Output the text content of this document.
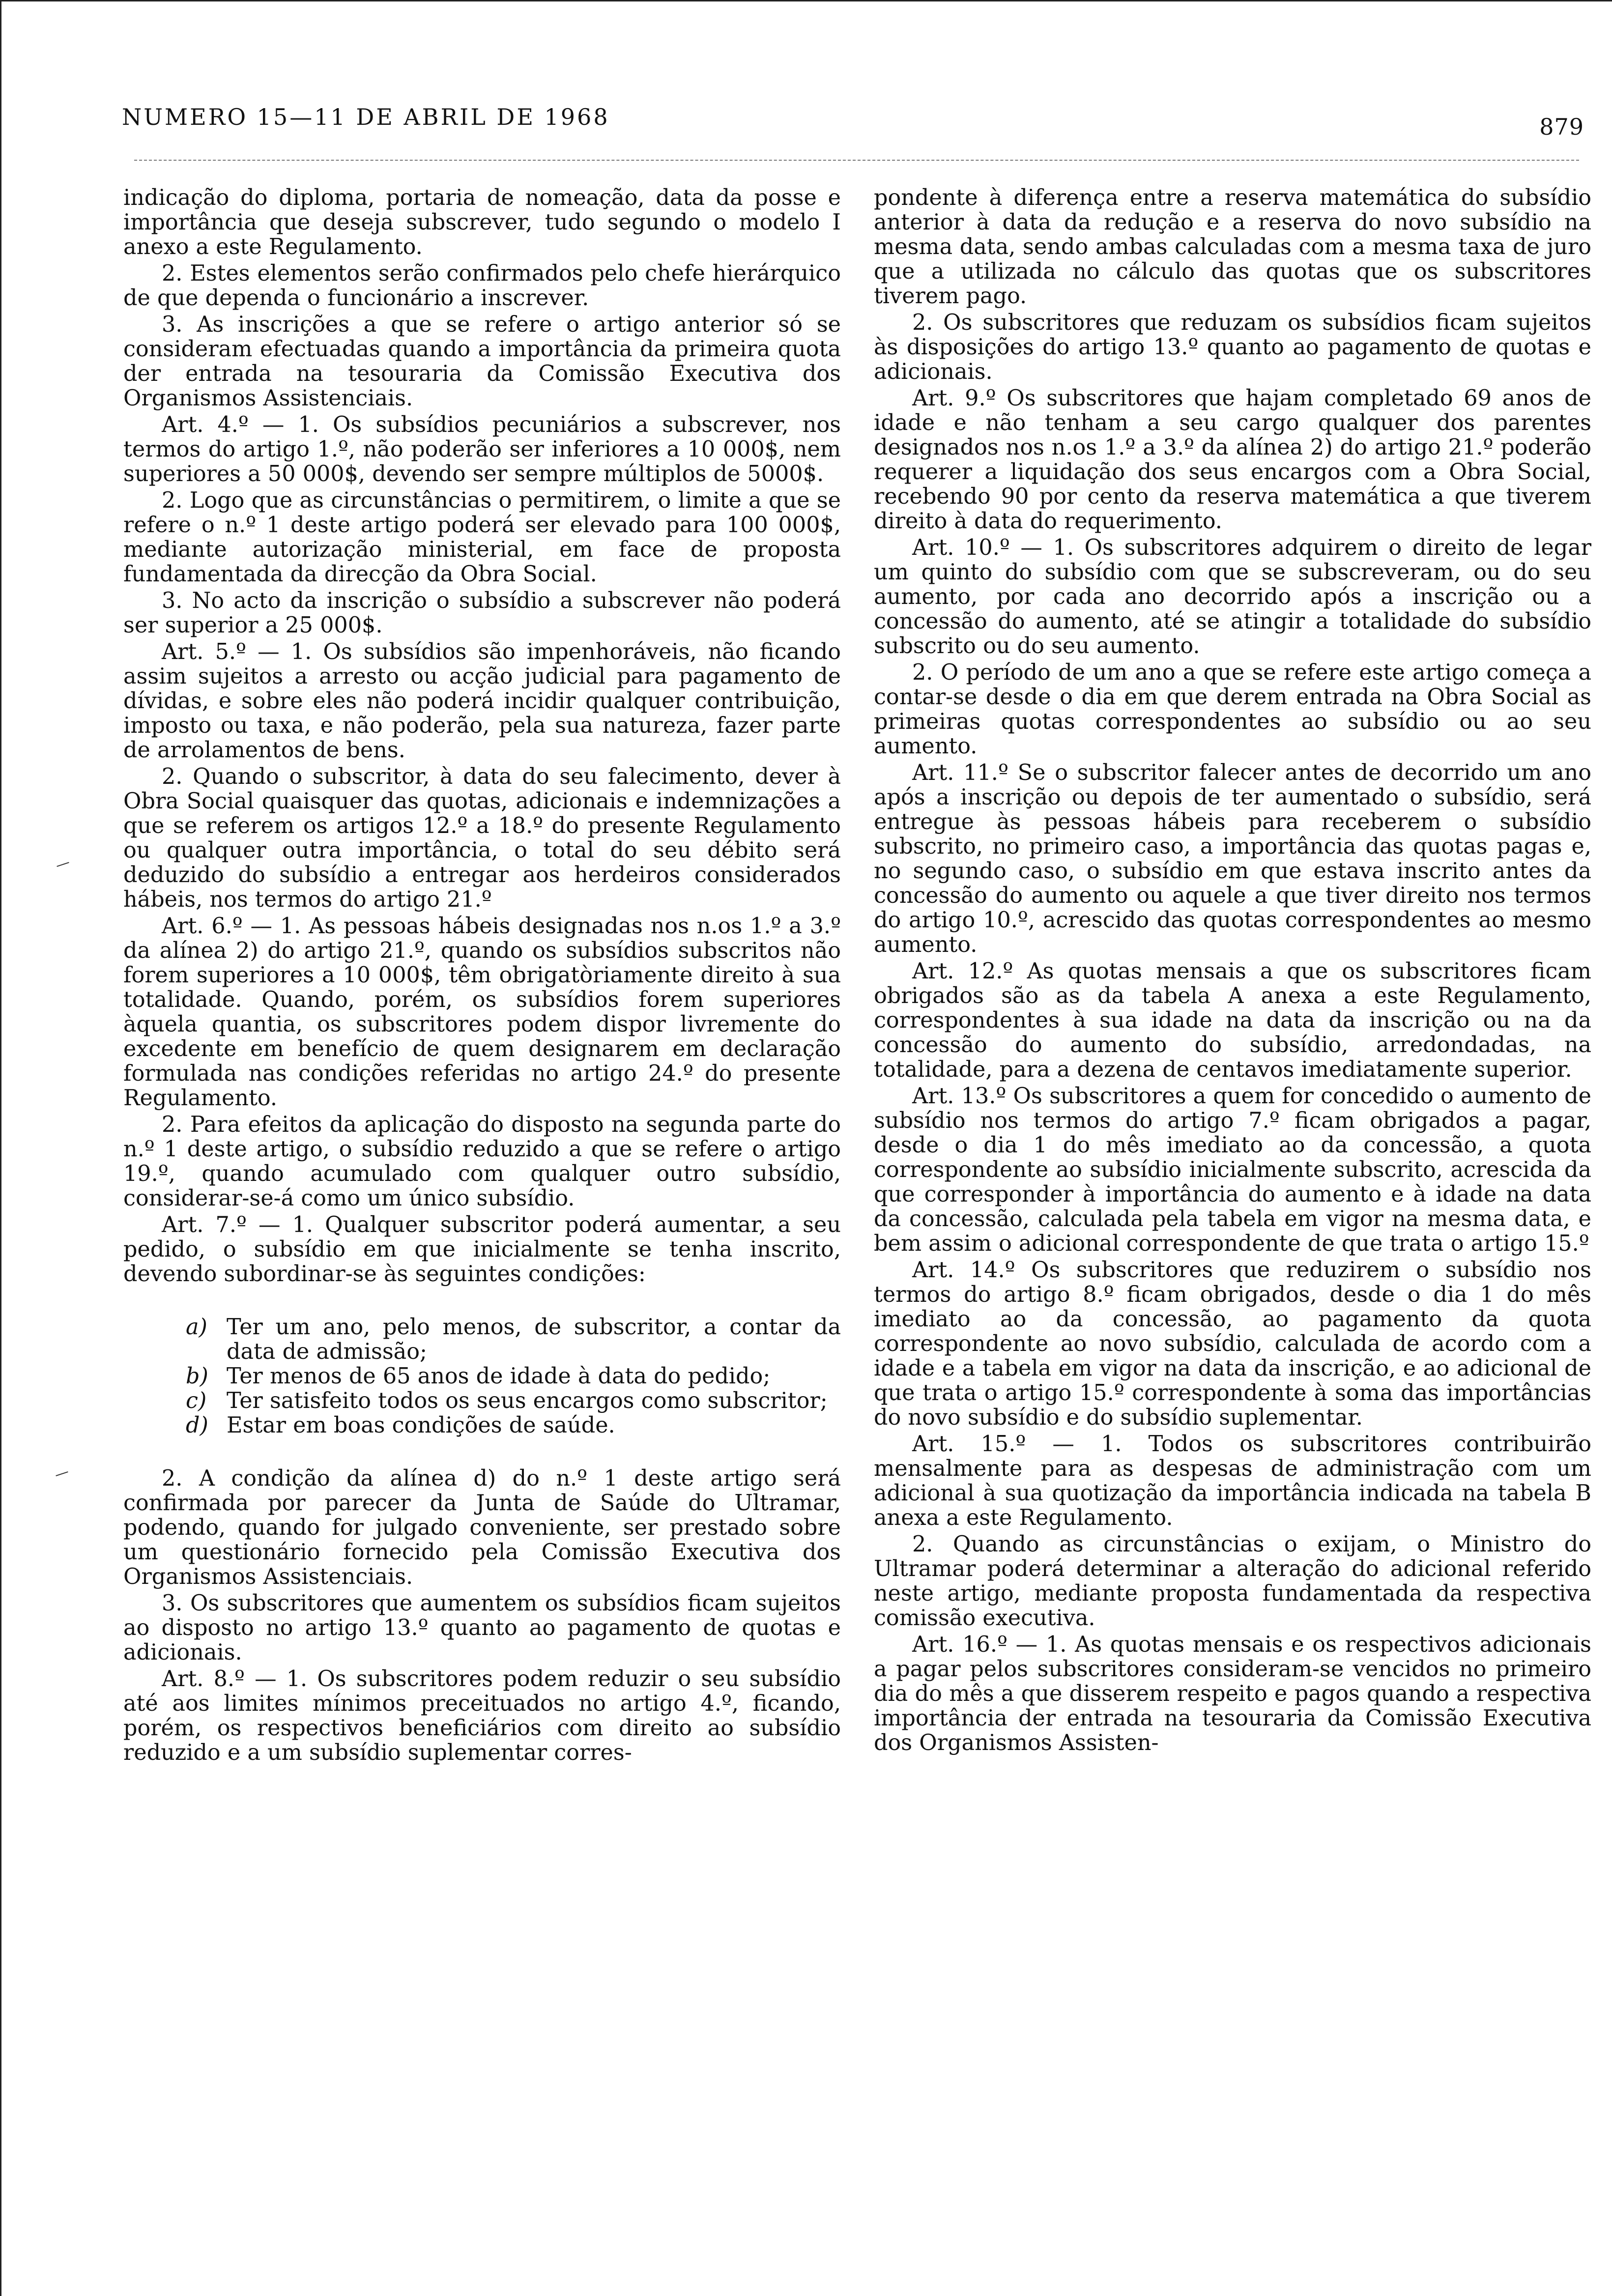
NUMERO 15—11 DE ABRIL DE 1968	879

indicação do diploma, portaria de nomeação, data da posse e importância que deseja subscrever, tudo segundo o modelo I anexo a este Regulamento.

2. Estes elementos serão confirmados pelo chefe hierárquico de que dependa o funcionário a inscrever.

3. As inscrições a que se refere o artigo anterior só se consideram efectuadas quando a importância da primeira quota der entrada na tesouraria da Comissão Executiva dos Organismos Assistenciais.

Art. 4.º — 1. Os subsídios pecuniários a subscrever, nos termos do artigo 1.º, não poderão ser inferiores a 10 000$, nem superiores a 50 000$, devendo ser sempre múltiplos de 5000$.

2. Logo que as circunstâncias o permitirem, o limite a que se refere o n.º 1 deste artigo poderá ser elevado para 100 000$, mediante autorização ministerial, em face de proposta fundamentada da direcção da Obra Social.

3. No acto da inscrição o subsídio a subscrever não poderá ser superior a 25 000$.

Art. 5.º — 1. Os subsídios são impenhoráveis, não ficando assim sujeitos a arresto ou acção judicial para pagamento de dívidas, e sobre eles não poderá incidir qualquer contribuição, imposto ou taxa, e não poderão, pela sua natureza, fazer parte de arrolamentos de bens.

2. Quando o subscritor, à data do seu falecimento, dever à Obra Social quaisquer das quotas, adicionais e indemnizações a que se referem os artigos 12.º a 18.º do presente Regulamento ou qualquer outra importância, o total do seu débito será deduzido do subsídio a entregar aos herdeiros considerados hábeis, nos termos do artigo 21.º

Art. 6.º — 1. As pessoas hábeis designadas nos n.os 1.º a 3.º da alínea 2) do artigo 21.º, quando os subsídios subscritos não forem superiores a 10 000$, têm obrigatòriamente direito à sua totalidade. Quando, porém, os subsídios forem superiores àquela quantia, os subscritores podem dispor livremente do excedente em benefício de quem designarem em declaração formulada nas condições referidas no artigo 24.º do presente Regulamento.

2. Para efeitos da aplicação do disposto na segunda parte do n.º 1 deste artigo, o subsídio reduzido a que se refere o artigo 19.º, quando acumulado com qualquer outro subsídio, considerar-se-á como um único subsídio.

Art. 7.º — 1. Qualquer subscritor poderá aumentar, a seu pedido, o subsídio em que inicialmente se tenha inscrito, devendo subordinar-se às seguintes condições:

a) Ter um ano, pelo menos, de subscritor, a contar da data de admissão;
b) Ter menos de 65 anos de idade à data do pedido;
c) Ter satisfeito todos os seus encargos como subscritor;
d) Estar em boas condições de saúde.

2. A condição da alínea d) do n.º 1 deste artigo será confirmada por parecer da Junta de Saúde do Ultramar, podendo, quando for julgado conveniente, ser prestado sobre um questionário fornecido pela Comissão Executiva dos Organismos Assistenciais.

3. Os subscritores que aumentem os subsídios ficam sujeitos ao disposto no artigo 13.º quanto ao pagamento de quotas e adicionais.

Art. 8.º — 1. Os subscritores podem reduzir o seu subsídio até aos limites mínimos preceituados no artigo 4.º, ficando, porém, os respectivos beneficiários com direito ao subsídio reduzido e a um subsídio suplementar corres-

pondente à diferença entre a reserva matemática do subsídio anterior à data da redução e a reserva do novo subsídio na mesma data, sendo ambas calculadas com a mesma taxa de juro que a utilizada no cálculo das quotas que os subscritores tiverem pago.

2. Os subscritores que reduzam os subsídios ficam sujeitos às disposições do artigo 13.º quanto ao pagamento de quotas e adicionais.

Art. 9.º Os subscritores que hajam completado 69 anos de idade e não tenham a seu cargo qualquer dos parentes designados nos n.os 1.º a 3.º da alínea 2) do artigo 21.º poderão requerer a liquidação dos seus encargos com a Obra Social, recebendo 90 por cento da reserva matemática a que tiverem direito à data do requerimento.

Art. 10.º — 1. Os subscritores adquirem o direito de legar um quinto do subsídio com que se subscreveram, ou do seu aumento, por cada ano decorrido após a inscrição ou a concessão do aumento, até se atingir a totalidade do subsídio subscrito ou do seu aumento.

2. O período de um ano a que se refere este artigo começa a contar-se desde o dia em que derem entrada na Obra Social as primeiras quotas correspondentes ao subsídio ou ao seu aumento.

Art. 11.º Se o subscritor falecer antes de decorrido um ano após a inscrição ou depois de ter aumentado o subsídio, será entregue às pessoas hábeis para receberem o subsídio subscrito, no primeiro caso, a importância das quotas pagas e, no segundo caso, o subsídio em que estava inscrito antes da concessão do aumento ou aquele a que tiver direito nos termos do artigo 10.º, acrescido das quotas correspondentes ao mesmo aumento.

Art. 12.º As quotas mensais a que os subscritores ficam obrigados são as da tabela A anexa a este Regulamento, correspondentes à sua idade na data da inscrição ou na da concessão do aumento do subsídio, arredondadas, na totalidade, para a dezena de centavos imediatamente superior.

Art. 13.º Os subscritores a quem for concedido o aumento de subsídio nos termos do artigo 7.º ficam obrigados a pagar, desde o dia 1 do mês imediato ao da concessão, a quota correspondente ao subsídio inicialmente subscrito, acrescida da que corresponder à importância do aumento e à idade na data da concessão, calculada pela tabela em vigor na mesma data, e bem assim o adicional correspondente de que trata o artigo 15.º

Art. 14.º Os subscritores que reduzirem o subsídio nos termos do artigo 8.º ficam obrigados, desde o dia 1 do mês imediato ao da concessão, ao pagamento da quota correspondente ao novo subsídio, calculada de acordo com a idade e a tabela em vigor na data da inscrição, e ao adicional de que trata o artigo 15.º correspondente à soma das importâncias do novo subsídio e do subsídio suplementar.

Art. 15.º — 1. Todos os subscritores contribuirão mensalmente para as despesas de administração com um adicional à sua quotização da importância indicada na tabela B anexa a este Regulamento.

2. Quando as circunstâncias o exijam, o Ministro do Ultramar poderá determinar a alteração do adicional referido neste artigo, mediante proposta fundamentada da respectiva comissão executiva.

Art. 16.º — 1. As quotas mensais e os respectivos adicionais a pagar pelos subscritores consideram-se vencidos no primeiro dia do mês a que disserem respeito e pagos quando a respectiva importância der entrada na tesouraria da Comissão Executiva dos Organismos Assisten-
